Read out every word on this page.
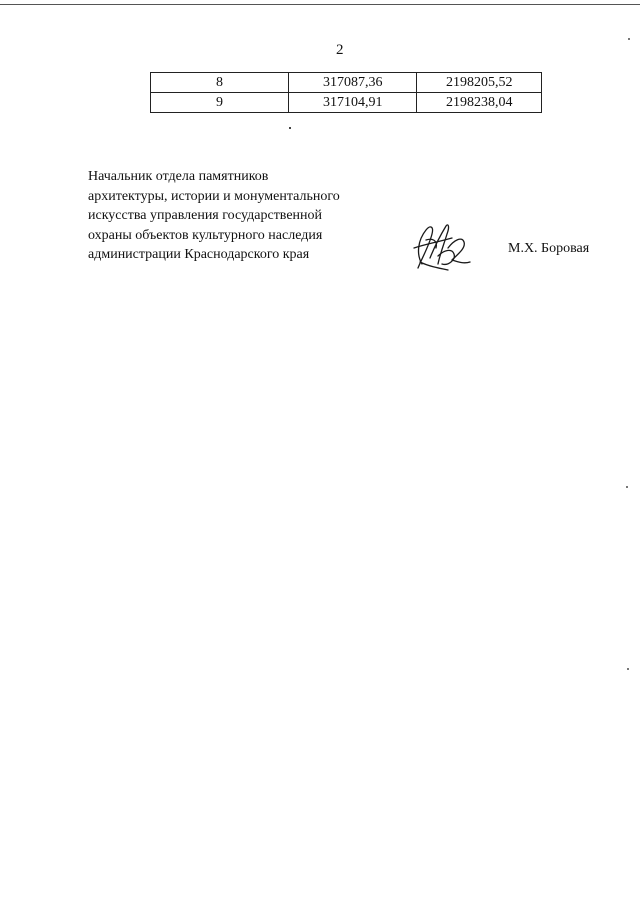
2
8	317087,36	2198205,52
9	317104,91	2198238,04
Начальник отдела памятников
архитектуры, истории и монументального
искусства управления государственной
охраны объектов культурного наследия
администрации Краснодарского края	М.Х. Боровая
